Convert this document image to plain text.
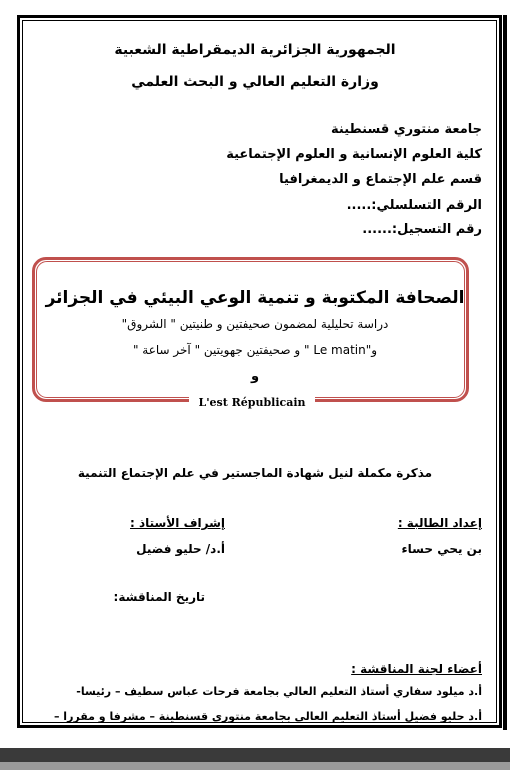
الجمهورية الجزائرية الديمقراطية الشعبية
وزارة التعليم العالي و البحث العلمي
جامعة منتوري قسنطينة
كلية العلوم الإنسانية و العلوم الإجتماعية
قسم علم الإجتماع و الديمغرافيا
الرقم التسلسلي:.....
رقم التسجيل:......
الصحافة المكتوبة و تنمية الوعي البيئي في الجزائر
دراسة تحليلية لمضمون صحيفتين و طنيتين " الشروق"
و"Le matin " و صحيفتين جهويتين " آخر ساعة "
و
L'est Républicain
مذكرة مكملة لنيل شهادة الماجستير في علم الإجتماع التنمية
إعداد الطالبة :
بن يحي حساء
إشراف الأستاذ :
أ.د/ حليو فضيل
تاريخ المناقشة:
أعضاء لجنة المناقشة :
أ.د ميلود سفاري أستاذ التعليم العالي بجامعة فرحات عباس سطيف – رئيسا-
أ.د حليو فضيل أستاذ التعليم العالي بجامعة منتوري قسنطينة – مشرفا و مقررا –
